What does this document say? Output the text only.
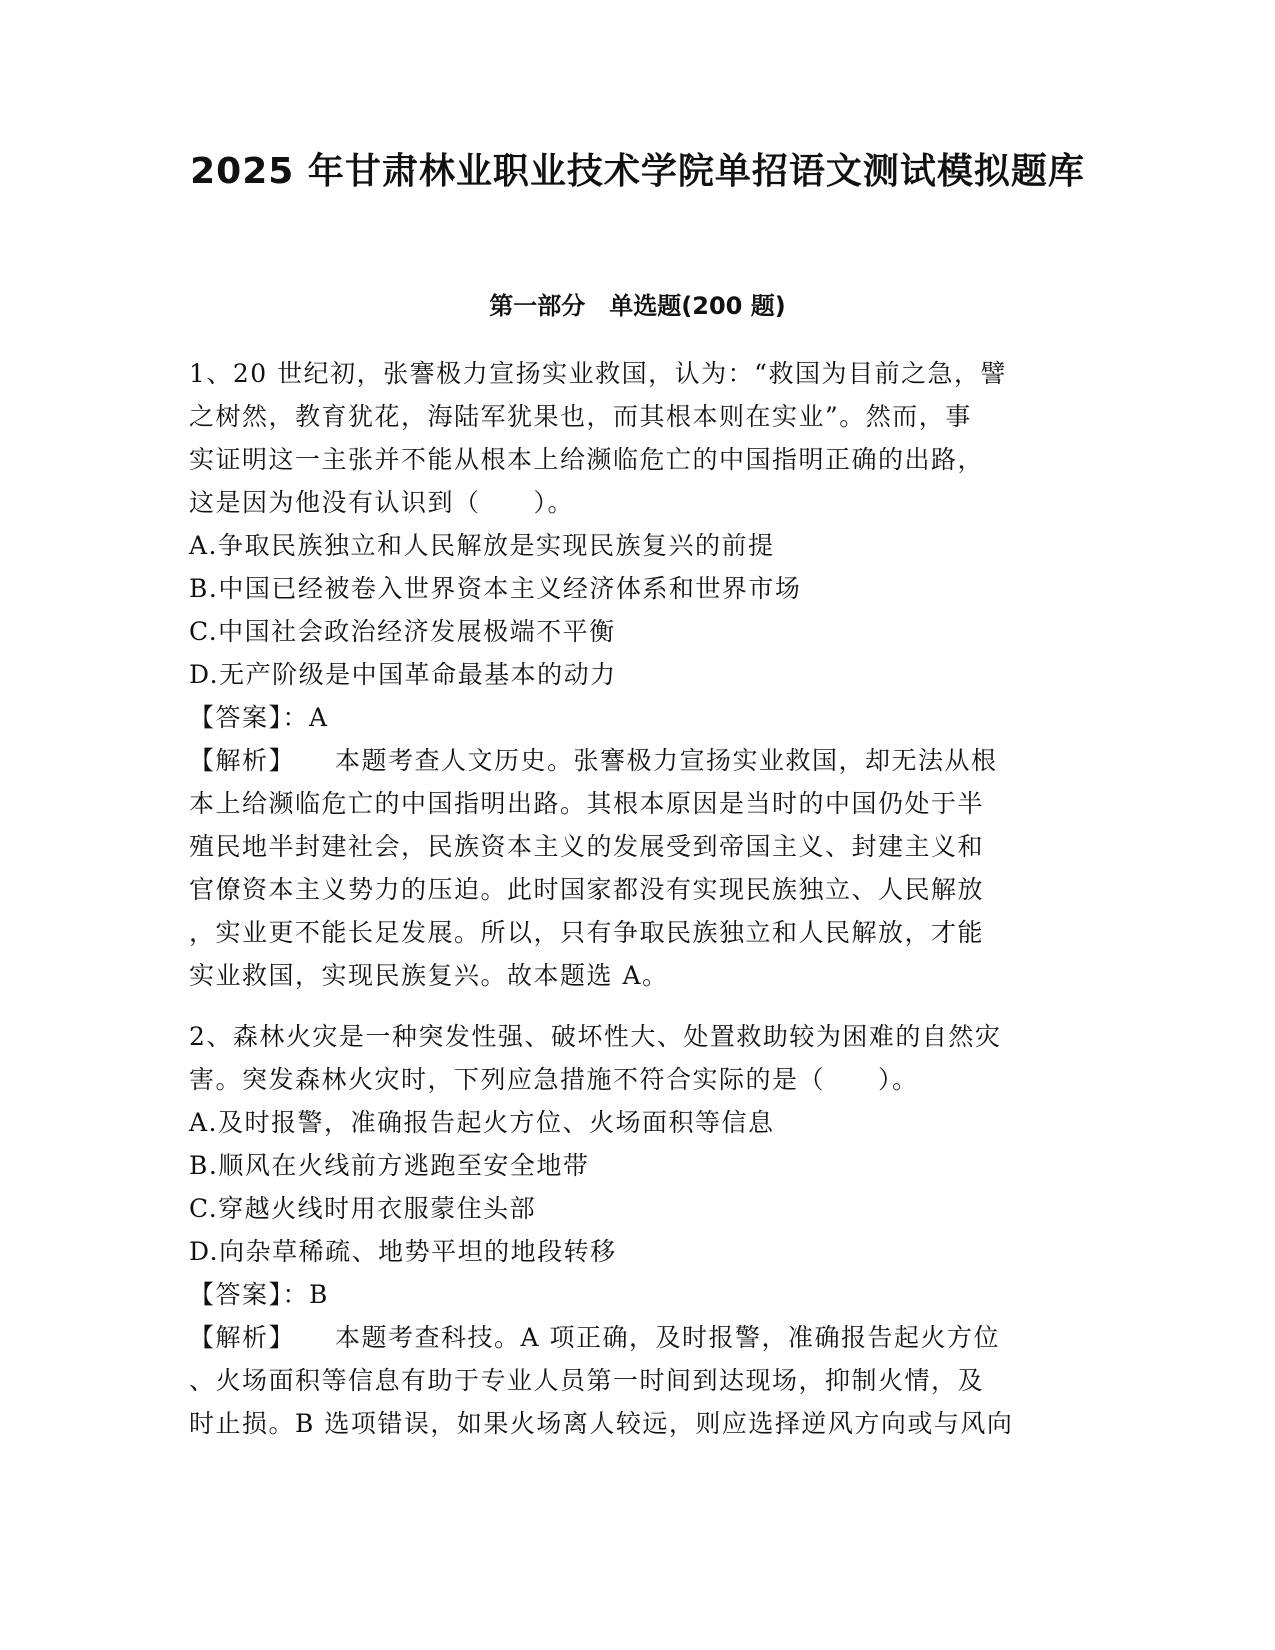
2025 年甘肃林业职业技术学院单招语文测试模拟题库
第一部分　单选题(200 题)
1、20 世纪初，张謇极力宣扬实业救国，认为：“救国为目前之急，譬
之树然，教育犹花，海陆军犹果也，而其根本则在实业”。然而，事
实证明这一主张并不能从根本上给濒临危亡的中国指明正确的出路，
这是因为他没有认识到（　　）。
A.争取民族独立和人民解放是实现民族复兴的前提
B.中国已经被卷入世界资本主义经济体系和世界市场
C.中国社会政治经济发展极端不平衡
D.无产阶级是中国革命最基本的动力
【答案】：A
【解析】 本题考查人文历史。张謇极力宣扬实业救国，却无法从根
本上给濒临危亡的中国指明出路。其根本原因是当时的中国仍处于半
殖民地半封建社会，民族资本主义的发展受到帝国主义、封建主义和
官僚资本主义势力的压迫。此时国家都没有实现民族独立、人民解放
，实业更不能长足发展。所以，只有争取民族独立和人民解放，才能
实业救国，实现民族复兴。故本题选 A。
2、森林火灾是一种突发性强、破坏性大、处置救助较为困难的自然灾
害。突发森林火灾时，下列应急措施不符合实际的是（　　）。
A.及时报警，准确报告起火方位、火场面积等信息
B.顺风在火线前方逃跑至安全地带
C.穿越火线时用衣服蒙住头部
D.向杂草稀疏、地势平坦的地段转移
【答案】：B
【解析】 本题考查科技。A 项正确，及时报警，准确报告起火方位
、火场面积等信息有助于专业人员第一时间到达现场，抑制火情，及
时止损。B 选项错误，如果火场离人较远，则应选择逆风方向或与风向
